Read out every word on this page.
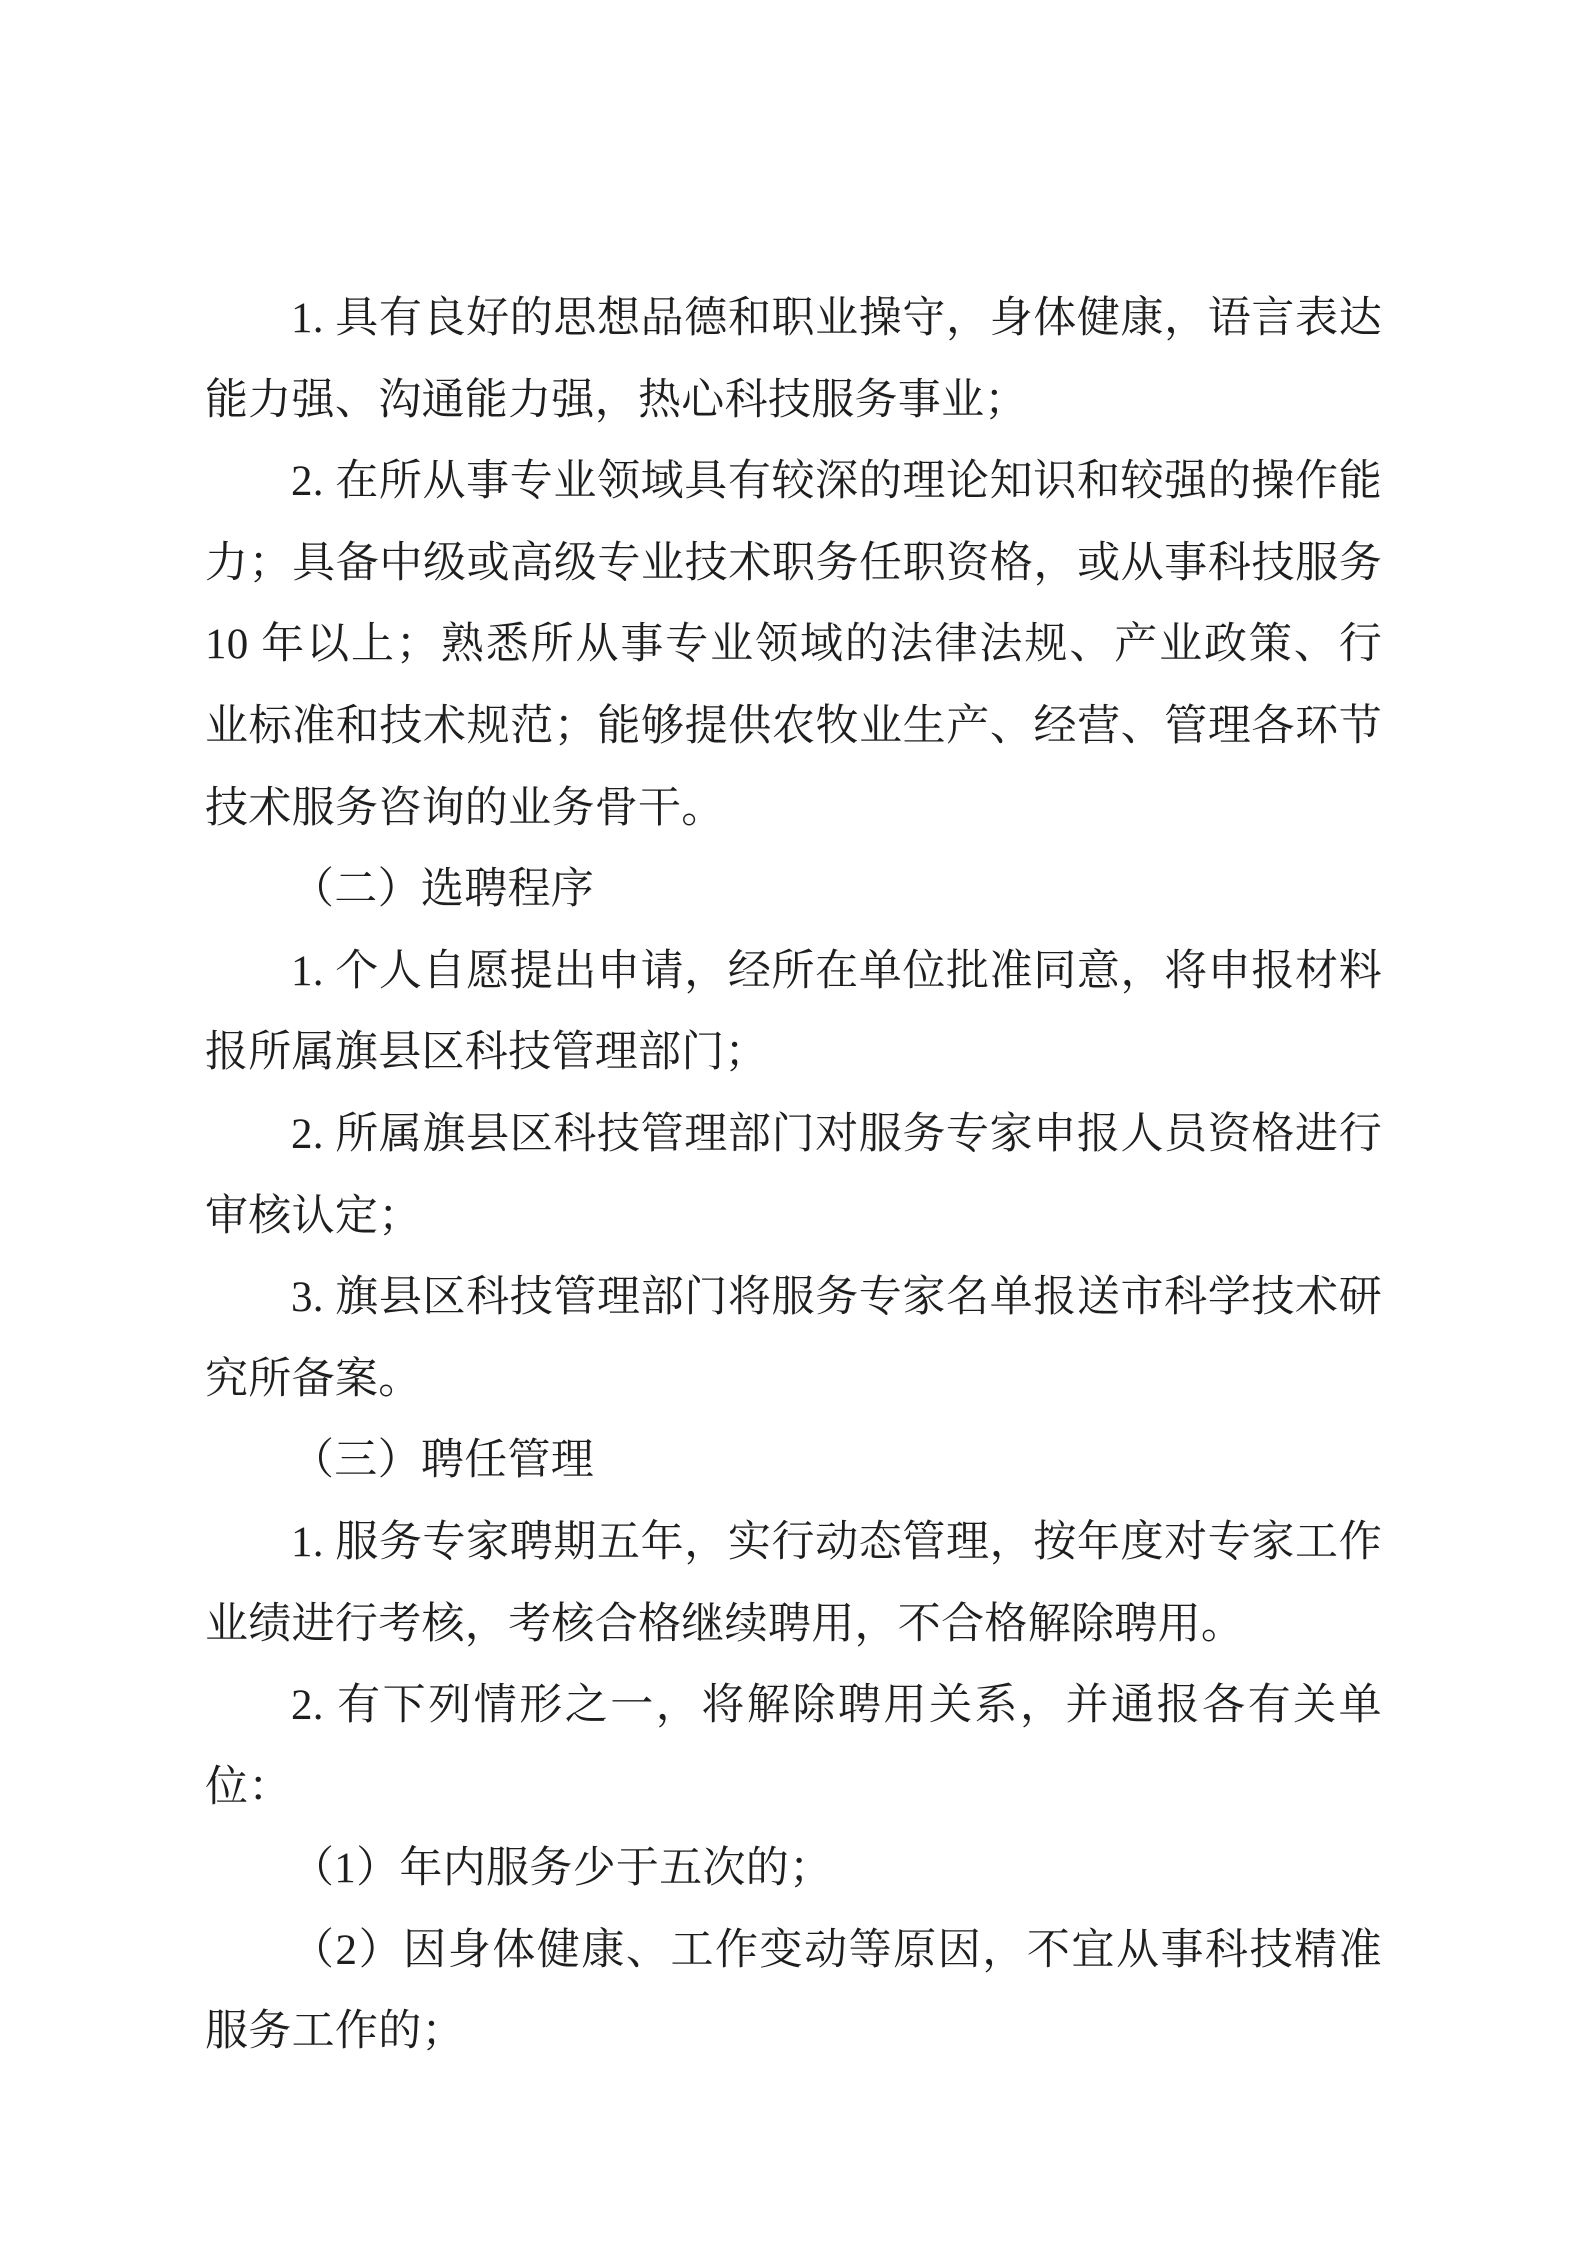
1. 具有良好的思想品德和职业操守，身体健康，语言表达能力强、沟通能力强，热心科技服务事业；

2. 在所从事专业领域具有较深的理论知识和较强的操作能力；具备中级或高级专业技术职务任职资格，或从事科技服务10 年以上；熟悉所从事专业领域的法律法规、产业政策、行业标准和技术规范；能够提供农牧业生产、经营、管理各环节技术服务咨询的业务骨干。

（二）选聘程序

1. 个人自愿提出申请，经所在单位批准同意，将申报材料报所属旗县区科技管理部门；

2. 所属旗县区科技管理部门对服务专家申报人员资格进行审核认定；

3. 旗县区科技管理部门将服务专家名单报送市科学技术研究所备案。

（三）聘任管理

1. 服务专家聘期五年，实行动态管理，按年度对专家工作业绩进行考核，考核合格继续聘用，不合格解除聘用。

2. 有下列情形之一，将解除聘用关系，并通报各有关单位：

（1）年内服务少于五次的；

（2）因身体健康、工作变动等原因，不宜从事科技精准服务工作的；
